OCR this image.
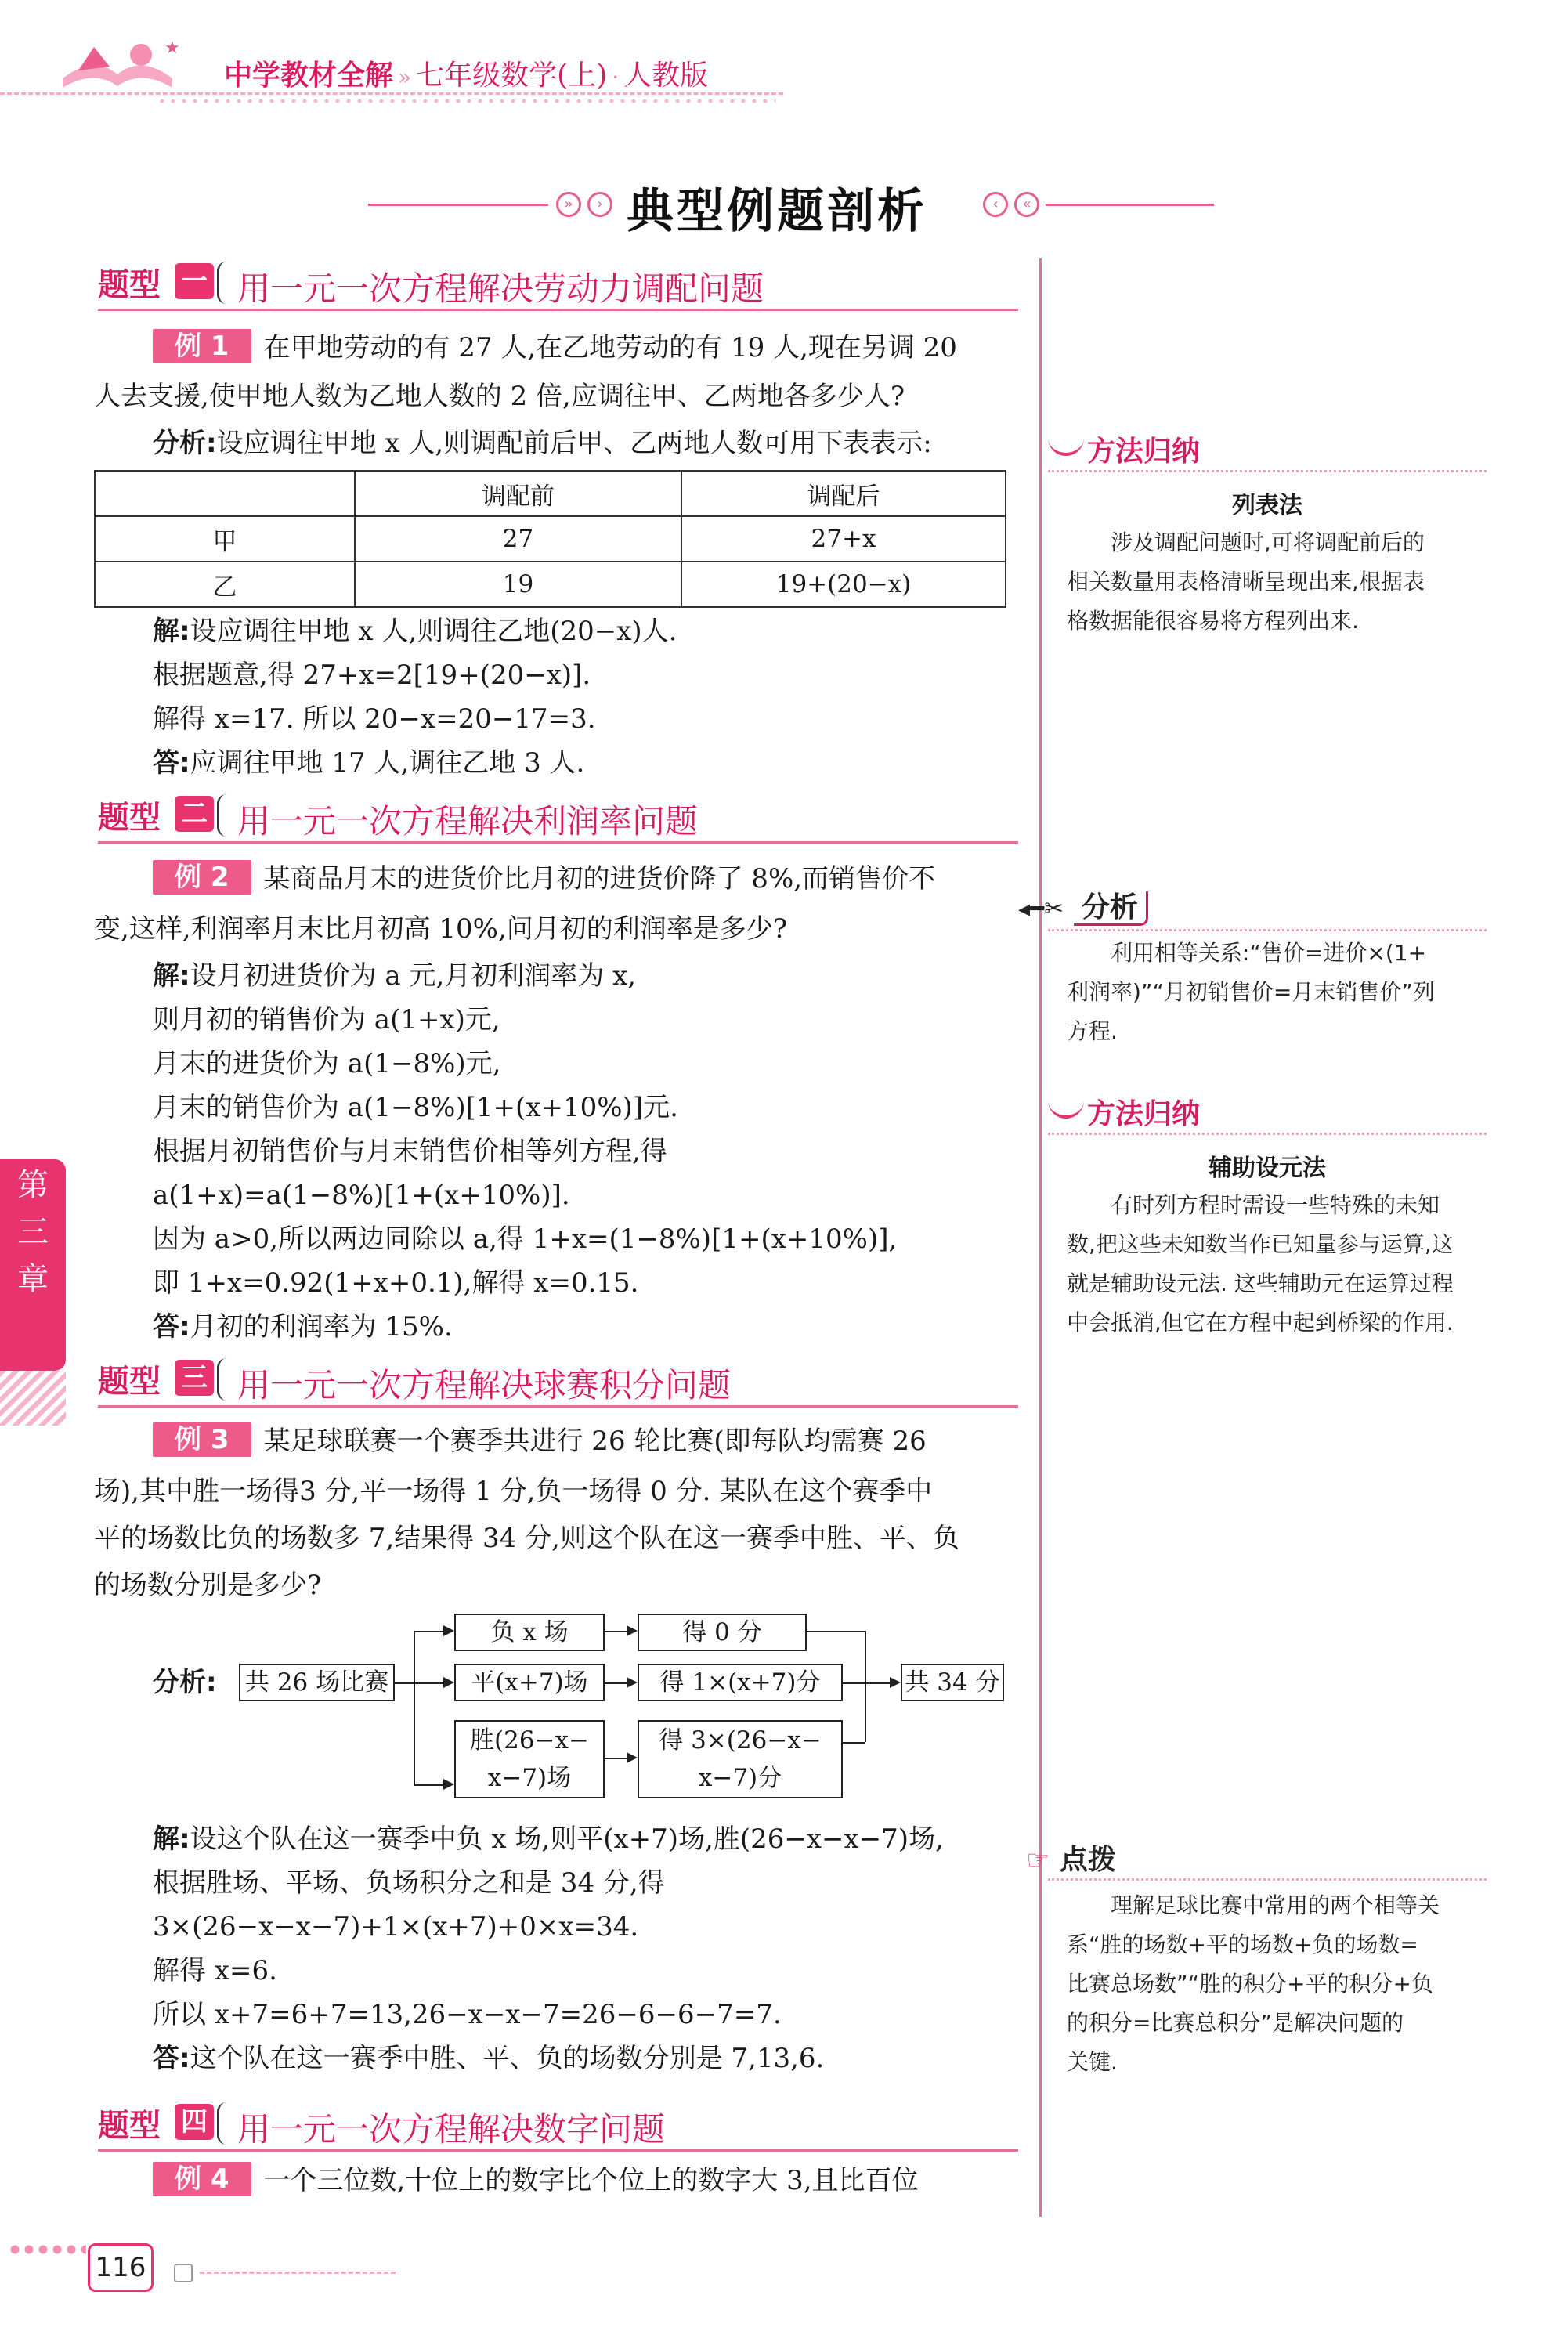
★
中学教材全解 » 七年级数学(上) · 人教版
»	› 典型例题剖析	‹	«
题型 一 用一元一次方程解决劳动力调配问题
例 1 在甲地劳动的有 27 人,在乙地劳动的有 19 人,现在另调 20
人去支援,使甲地人数为乙地人数的 2 倍,应调往甲、乙两地各多少人?
分析:设应调往甲地 x 人,则调配前后甲、乙两地人数可用下表表示:
	调配前	调配后
甲	27	27+x
乙	19	19+(20−x)
解:设应调往甲地 x 人,则调往乙地(20−x)人.
根据题意,得 27+x=2[19+(20−x)].
解得 x=17. 所以 20−x=20−17=3.
答:应调往甲地 17 人,调往乙地 3 人.
题型 二 用一元一次方程解决利润率问题
例 2 某商品月末的进货价比月初的进货价降了 8%,而销售价不
变,这样,利润率月末比月初高 10%,问月初的利润率是多少?
解:设月初进货价为 a 元,月初利润率为 x,
则月初的销售价为 a(1+x)元,
月末的进货价为 a(1−8%)元,
月末的销售价为 a(1−8%)[1+(x+10%)]元.
根据月初销售价与月末销售价相等列方程,得
a(1+x)=a(1−8%)[1+(x+10%)].
因为 a>0,所以两边同除以 a,得 1+x=(1−8%)[1+(x+10%)],
即 1+x=0.92(1+x+0.1),解得 x=0.15.
答:月初的利润率为 15%.
题型 三 用一元一次方程解决球赛积分问题
例 3 某足球联赛一个赛季共进行 26 轮比赛(即每队均需赛 26
场),其中胜一场得3 分,平一场得 1 分,负一场得 0 分. 某队在这个赛季中
平的场数比负的场数多 7,结果得 34 分,则这个队在这一赛季中胜、平、负
的场数分别是多少?
分析: 共 26 场比赛
负 x 场
平(x+7)场
胜(26−x−
x−7)场
得 0 分
得 1×(x+7)分
得 3×(26−x−
x−7)分
共 34 分
解:设这个队在这一赛季中负 x 场,则平(x+7)场,胜(26−x−x−7)场,
根据胜场、平场、负场积分之和是 34 分,得
3×(26−x−x−7)+1×(x+7)+0×x=34.
解得 x=6.
所以 x+7=6+7=13,26−x−x−7=26−6−6−7=7.
答:这个队在这一赛季中胜、平、负的场数分别是 7,13,6.
题型 四 用一元一次方程解决数字问题
例 4 一个三位数,十位上的数字比个位上的数字大 3,且比百位
方法归纳
列表法
涉及调配问题时,可将调配前后的
相关数量用表格清晰呈现出来,根据表
格数据能很容易将方程列出来.
◂━✂ 分析
利用相等关系:“售价=进价×(1+
利润率)”“月初销售价=月末销售价”列
方程.
方法归纳
辅助设元法
有时列方程时需设一些特殊的未知
数,把这些未知数当作已知量参与运算,这
就是辅助设元法. 这些辅助元在运算过程
中会抵消,但它在方程中起到桥梁的作用.
☞ 点拨
理解足球比赛中常用的两个相等关
系“胜的场数+平的场数+负的场数=
比赛总场数”“胜的积分+平的积分+负
的积分=比赛总积分”是解决问题的
关键.
第
三
章
116
